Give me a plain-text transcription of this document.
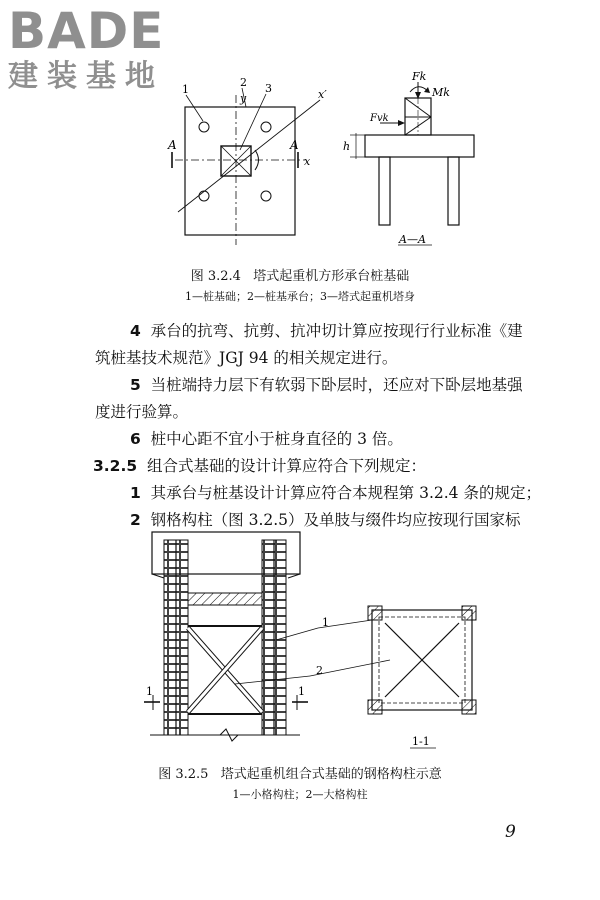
BADE
建装基地	1
2 3
y	x′
x
A	A
Fk
Mk
Fvk
h
A—A
图 3.2.4   塔式起重机方形承台桩基础
1—桩基础；2—桩基承台；3—塔式起重机塔身
4  承台的抗弯、抗剪、抗冲切计算应按现行行业标准《建
筑桩基技术规范》JGJ 94 的相关规定进行。
5  当桩端持力层下有软弱下卧层时，还应对下卧层地基强
度进行验算。
6  桩中心距不宜小于桩身直径的 3 倍。
3.2.5  组合式基础的设计计算应符合下列规定：
1  其承台与桩基设计计算应符合本规程第 3.2.4 条的规定；
2  钢格构柱（图 3.2.5）及单肢与缀件均应按现行国家标
1	1
1
2
1-1
图 3.2.5   塔式起重机组合式基础的钢格构柱示意
1—小格构柱；2—大格构柱
9
